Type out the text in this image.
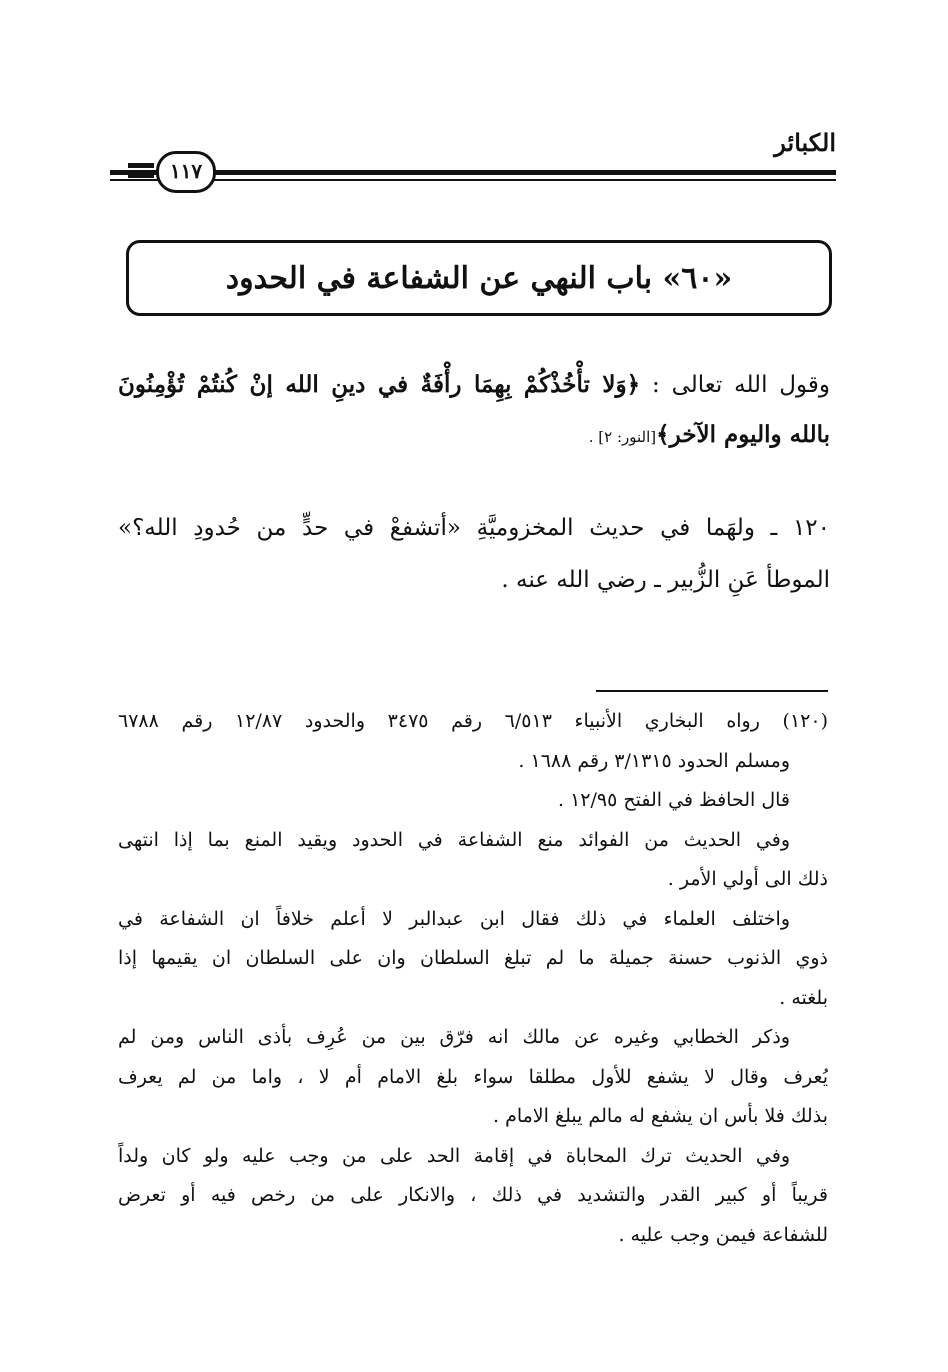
الكبائر
١١٧
«٦٠» باب النهي عن الشفاعة في الحدود
وقول الله تعالى : ﴿وَلا تأْخُذْكُمْ بِهِمَا رأْفَةٌ في دينِ الله إنْ كُنتُمْ تُؤْمِنُونَ
بالله واليوم الآخر﴾[النور: ٢] .
١٢٠ ـ ولهَما في حديث المخزوميَّةِ «أتشفعْ في حدٍّ من حُدودِ الله؟»
الموطأ عَنِ الزُّبير ـ رضي الله عنه .
(١٢٠) رواه البخاري الأنبياء ٦/٥١٣ رقم ٣٤٧٥ والحدود ١٢/٨٧ رقم ٦٧٨٨
ومسلم الحدود ٣/١٣١٥ رقم ١٦٨٨ .
قال الحافظ في الفتح ١٢/٩٥ .
وفي الحديث من الفوائد منع الشفاعة في الحدود ويقيد المنع بما إذا انتهى
ذلك الى أولي الأمر .
واختلف العلماء في ذلك فقال ابن عبدالبر لا أعلم خلافاً ان الشفاعة في
ذوي الذنوب حسنة جميلة ما لم تبلغ السلطان وان على السلطان ان يقيمها إذا
بلغته .
وذكر الخطابي وغيره عن مالك انه فرّق بين من عُرِف بأذى الناس ومن لم
يُعرف وقال لا يشفع للأول مطلقا سواء بلغ الامام أم لا ، واما من لم يعرف
بذلك فلا بأس ان يشفع له مالم يبلغ الامام .
وفي الحديث ترك المحاباة في إقامة الحد على من وجب عليه ولو كان ولداً
قريباً أو كبير القدر والتشديد في ذلك ، والانكار على من رخص فيه أو تعرض
للشفاعة فيمن وجب عليه .
